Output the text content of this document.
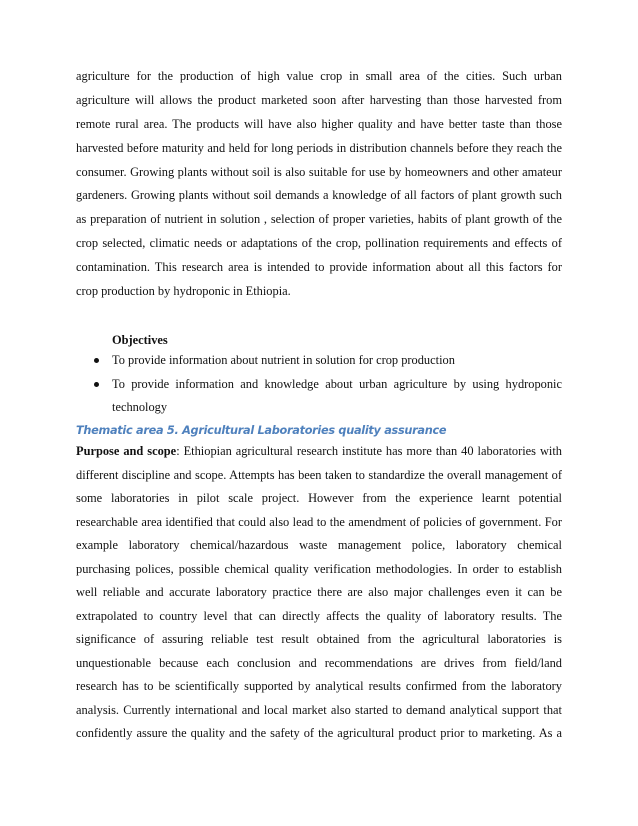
agriculture for the production of high value crop in small area of the cities. Such urban
agriculture will allows the product marketed soon after harvesting than those harvested from
remote rural area. The products will have also higher quality and have better taste than those
harvested before maturity and held for long periods in distribution channels before they reach the
consumer. Growing plants without soil is also suitable for use by homeowners and other amateur
gardeners. Growing plants without soil demands a knowledge of all factors of plant growth such
as preparation of nutrient in solution , selection of proper varieties, habits of plant growth of the
crop selected, climatic needs or adaptations of the crop, pollination requirements and effects of
contamination. This research area is intended to provide information about all this factors for
crop production by hydroponic in Ethiopia.
Objectives
To provide information about nutrient in solution for crop production
To provide information and knowledge about urban agriculture by using hydroponic
technology
Thematic area 5. Agricultural Laboratories quality assurance
Purpose and scope: Ethiopian agricultural research institute has more than 40 laboratories with
different discipline and scope. Attempts has been taken to standardize the overall management of
some laboratories in pilot scale project. However from the experience learnt potential
researchable area identified that could also lead to the amendment of policies of government. For
example laboratory chemical/hazardous waste management police, laboratory chemical
purchasing polices, possible chemical quality verification methodologies. In order to establish
well reliable and accurate laboratory practice there are also major challenges even it can be
extrapolated to country level that can directly affects the quality of laboratory results. The
significance of assuring reliable test result obtained from the agricultural laboratories is
unquestionable because each conclusion and recommendations are drives from field/land
research has to be scientifically supported by analytical results confirmed from the laboratory
analysis. Currently international and local market also started to demand analytical support that
confidently assure the quality and the safety of the agricultural product prior to marketing. As a
